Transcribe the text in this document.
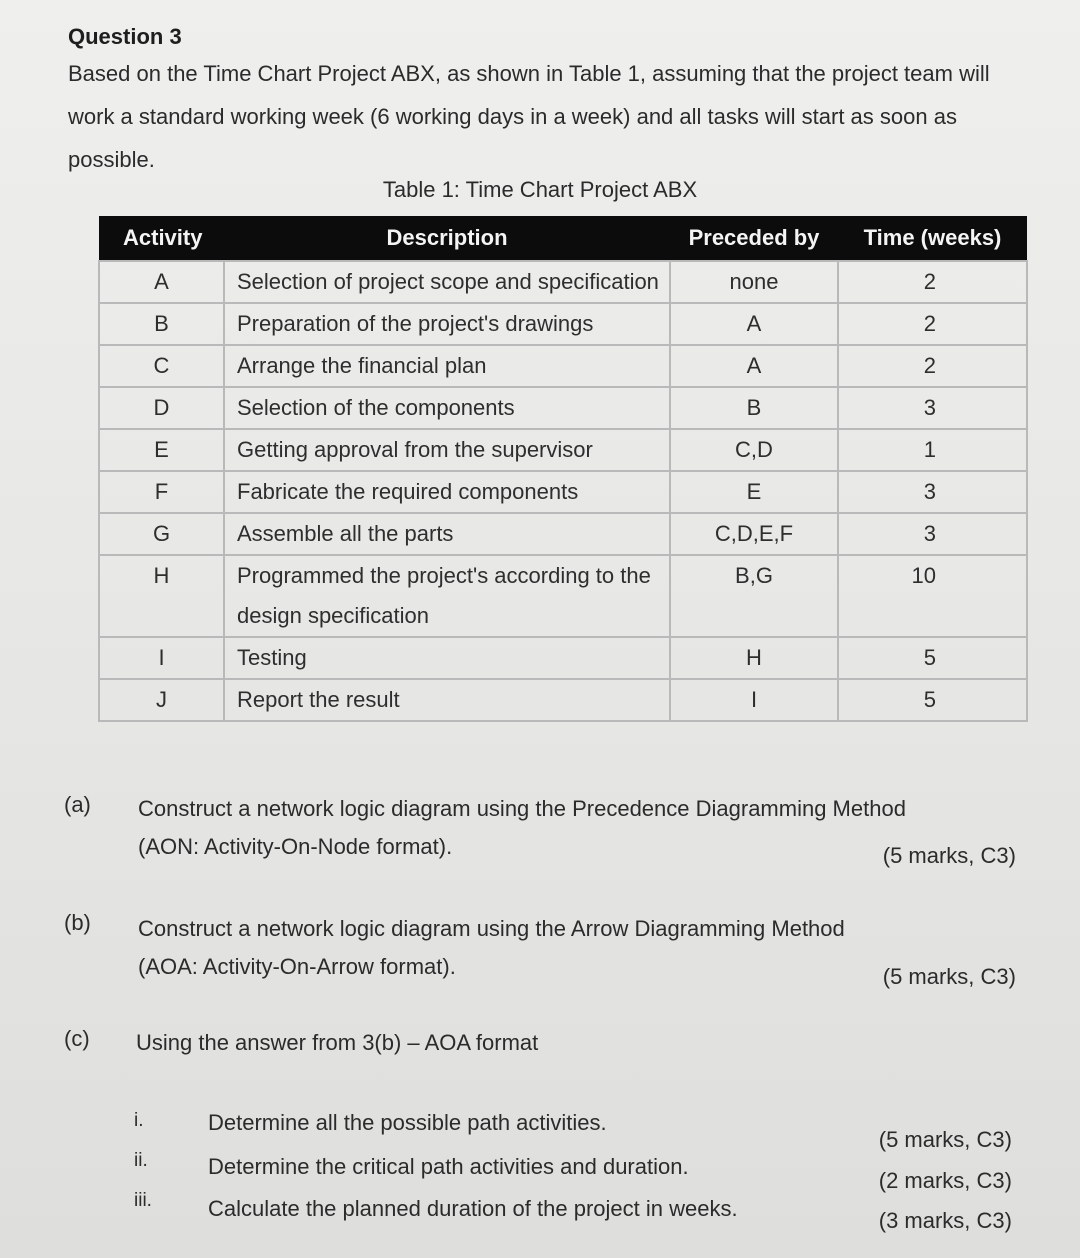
Question 3
Based on the Time Chart Project ABX, as shown in Table 1, assuming that the project team will work a standard working week (6 working days in a week) and all tasks will start as soon as possible.
Table 1: Time Chart Project ABX
Activity	Description	Preceded by	Time (weeks)
A	Selection of project scope and specification	none	2
B	Preparation of the project's drawings	A	2
C	Arrange the financial plan	A	2
D	Selection of the components	B	3
E	Getting approval from the supervisor	C,D	1
F	Fabricate the required components	E	3
G	Assemble all the parts	C,D,E,F	3
H	Programmed the project's according to the design specification	B,G	10
I	Testing	H	5
J	Report the result	I	5
(a) Construct a network logic diagram using the Precedence Diagramming Method
(AON: Activity-On-Node format).	(5 marks, C3)
(b) Construct a network logic diagram using the Arrow Diagramming Method
(AOA: Activity-On-Arrow format).	(5 marks, C3)
(c) Using the answer from 3(b) – AOA format
i.	Determine all the possible path activities.
(5 marks, C3)
ii.	Determine the critical path activities and duration.
(2 marks, C3)
iii.	Calculate the planned duration of the project in weeks.	(3 marks, C3)
